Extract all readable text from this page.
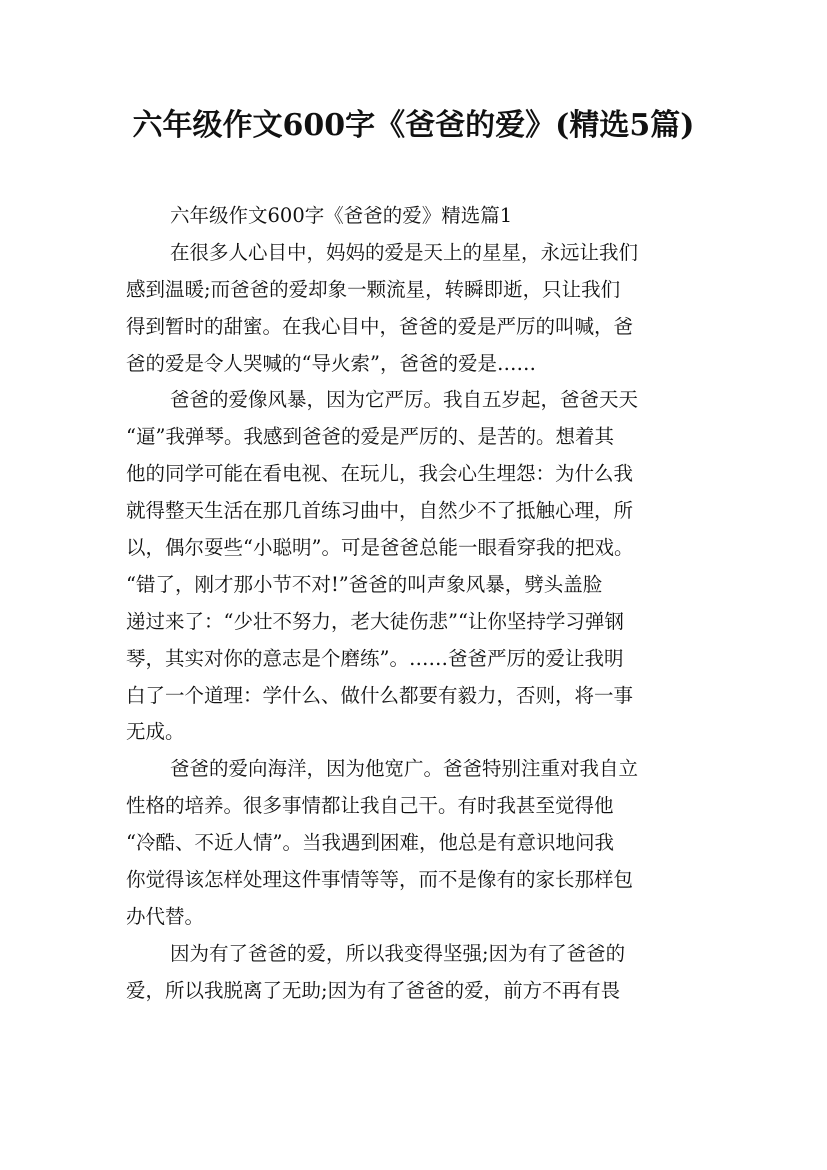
六年级作文600字《爸爸的爱》(精选5篇)
六年级作文600字《爸爸的爱》精选篇1
在很多人心目中，妈妈的爱是天上的星星，永远让我们
感到温暖;而爸爸的爱却象一颗流星，转瞬即逝，只让我们
得到暂时的甜蜜。在我心目中，爸爸的爱是严厉的叫喊，爸
爸的爱是令人哭喊的“导火索”，爸爸的爱是……
爸爸的爱像风暴，因为它严厉。我自五岁起，爸爸天天
“逼”我弹琴。我感到爸爸的爱是严厉的、是苦的。想着其
他的同学可能在看电视、在玩儿，我会心生埋怨：为什么我
就得整天生活在那几首练习曲中，自然少不了抵触心理，所
以，偶尔耍些“小聪明”。可是爸爸总能一眼看穿我的把戏。
“错了，刚才那小节不对!”爸爸的叫声象风暴，劈头盖脸
递过来了：“少壮不努力，老大徒伤悲”“让你坚持学习弹钢
琴，其实对你的意志是个磨练”。……爸爸严厉的爱让我明
白了一个道理：学什么、做什么都要有毅力，否则，将一事
无成。
爸爸的爱向海洋，因为他宽广。爸爸特别注重对我自立
性格的培养。很多事情都让我自己干。有时我甚至觉得他
“冷酷、不近人情”。当我遇到困难，他总是有意识地问我
你觉得该怎样处理这件事情等等，而不是像有的家长那样包
办代替。
因为有了爸爸的爱，所以我变得坚强;因为有了爸爸的
爱，所以我脱离了无助;因为有了爸爸的爱，前方不再有畏
